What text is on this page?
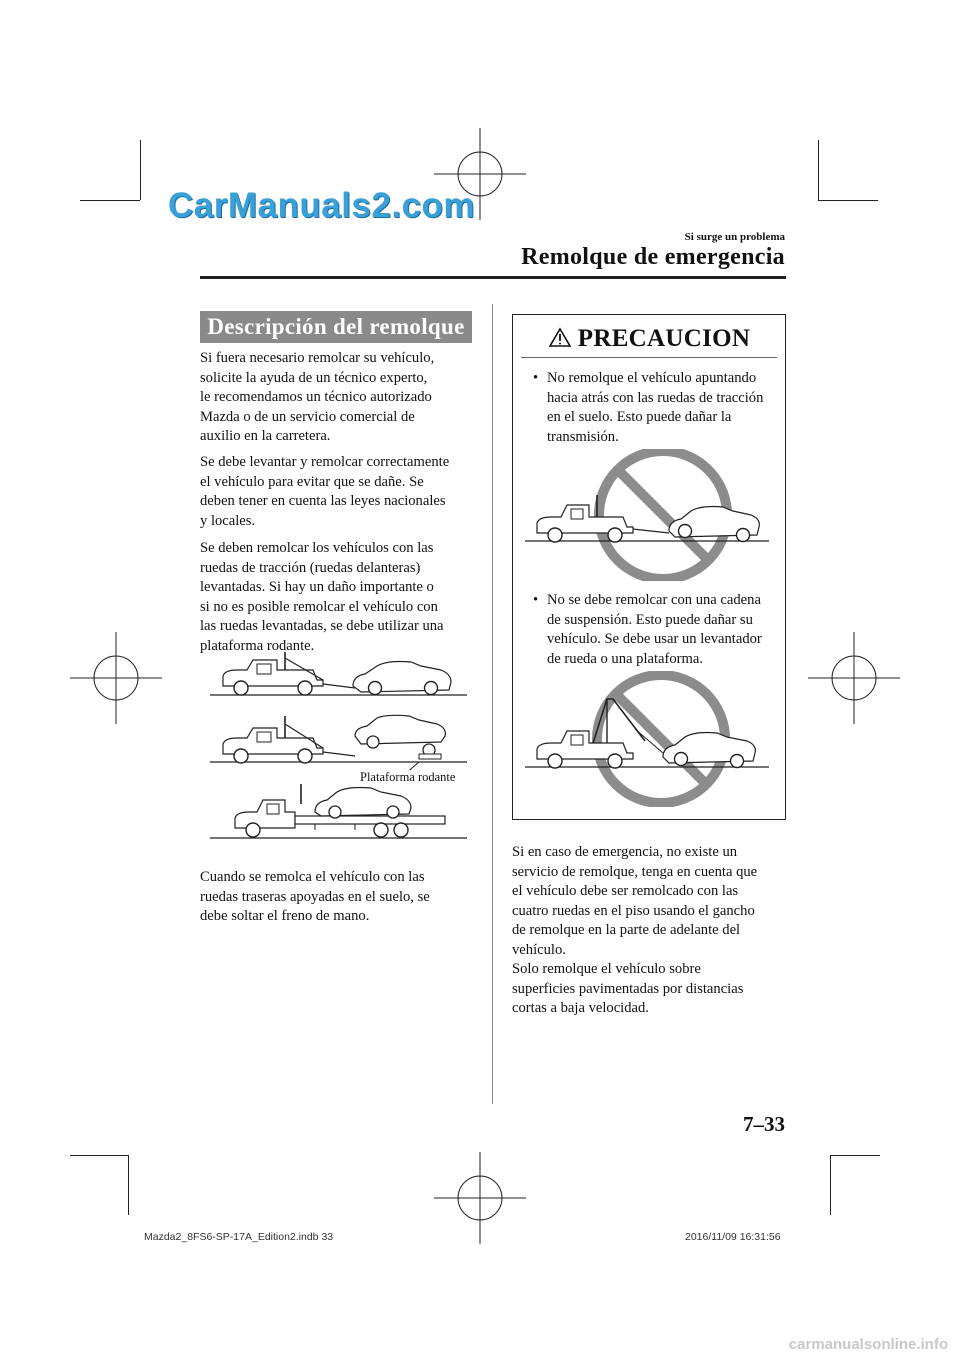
CarManuals2.com
Si surge un problema
Remolque de emergencia
Descripción del remolque
Si fuera necesario remolcar su vehículo,
solicite la ayuda de un técnico experto,
le recomendamos un técnico autorizado
Mazda o de un servicio comercial de
auxilio en la carretera.
Se debe levantar y remolcar correctamente
el vehículo para evitar que se dañe. Se
deben tener en cuenta las leyes nacionales
y locales.
Se deben remolcar los vehículos con las
ruedas de tracción (ruedas delanteras)
levantadas. Si hay un daño importante o
si no es posible remolcar el vehículo con
las ruedas levantadas, se debe utilizar una
plataforma rodante.
Plataforma rodante
Cuando se remolca el vehículo con las
ruedas traseras apoyadas en el suelo, se
debe soltar el freno de mano.
PRECAUCION
• No remolque el vehículo apuntando
hacia atrás con las ruedas de tracción
en el suelo. Esto puede dañar la
transmisión.
• No se debe remolcar con una cadena
de suspensión. Esto puede dañar su
vehículo. Se debe usar un levantador
de rueda o una plataforma.
Si en caso de emergencia, no existe un
servicio de remolque, tenga en cuenta que
el vehículo debe ser remolcado con las
cuatro ruedas en el piso usando el gancho
de remolque en la parte de adelante del
vehículo.
Solo remolque el vehículo sobre
superficies pavimentadas por distancias
cortas a baja velocidad.
7–33
Mazda2_8FS6-SP-17A_Edition2.indb 33	2016/11/09 16:31:56
carmanualsonline.info
